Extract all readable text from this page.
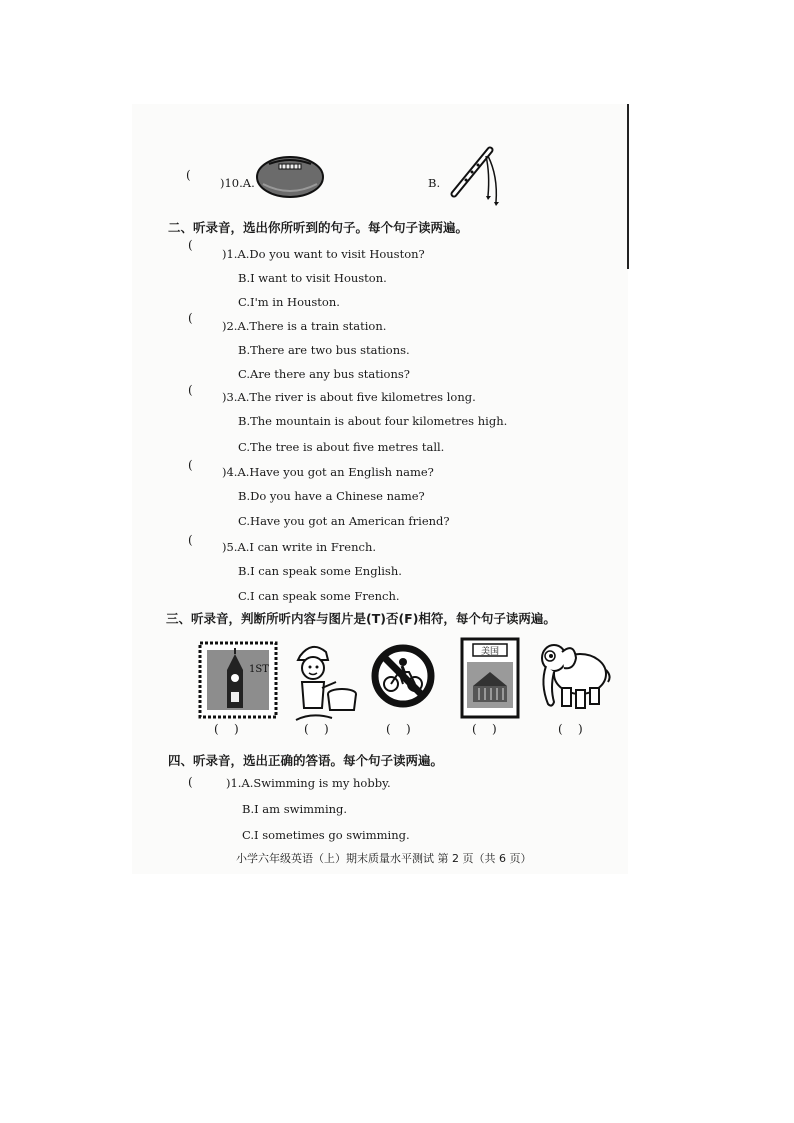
(
)10.A.	B.
二、听录音，选出你所听到的句子。每个句子读两遍。
(
)1.A.Do you want to visit Houston?
B.I want to visit Houston.
C.I'm in Houston.
(
)2.A.There is a train station.
B.There are two bus stations.
C.Are there any bus stations?
(	)3.A.The river is about five kilometres long.
B.The mountain is about four kilometres high.
C.The tree is about five metres tall.
(	)4.A.Have you got an English name?
B.Do you have a Chinese name?
C.Have you got an American friend?
(	)5.A.I can write in French.
B.I can speak some English.
C.I can speak some French.
三、听录音，判断所听内容与图片是(T)否(F)相符，每个句子读两遍。
1ST
美国
(    )	(    )	(    )	(    )	(    )
四、听录音，选出正确的答语。每个句子读两遍。
(	)1.A.Swimming is my hobby.
B.I am swimming.
C.I sometimes go swimming.
小学六年级英语（上）期末质量水平测试 第 2 页（共 6 页）
